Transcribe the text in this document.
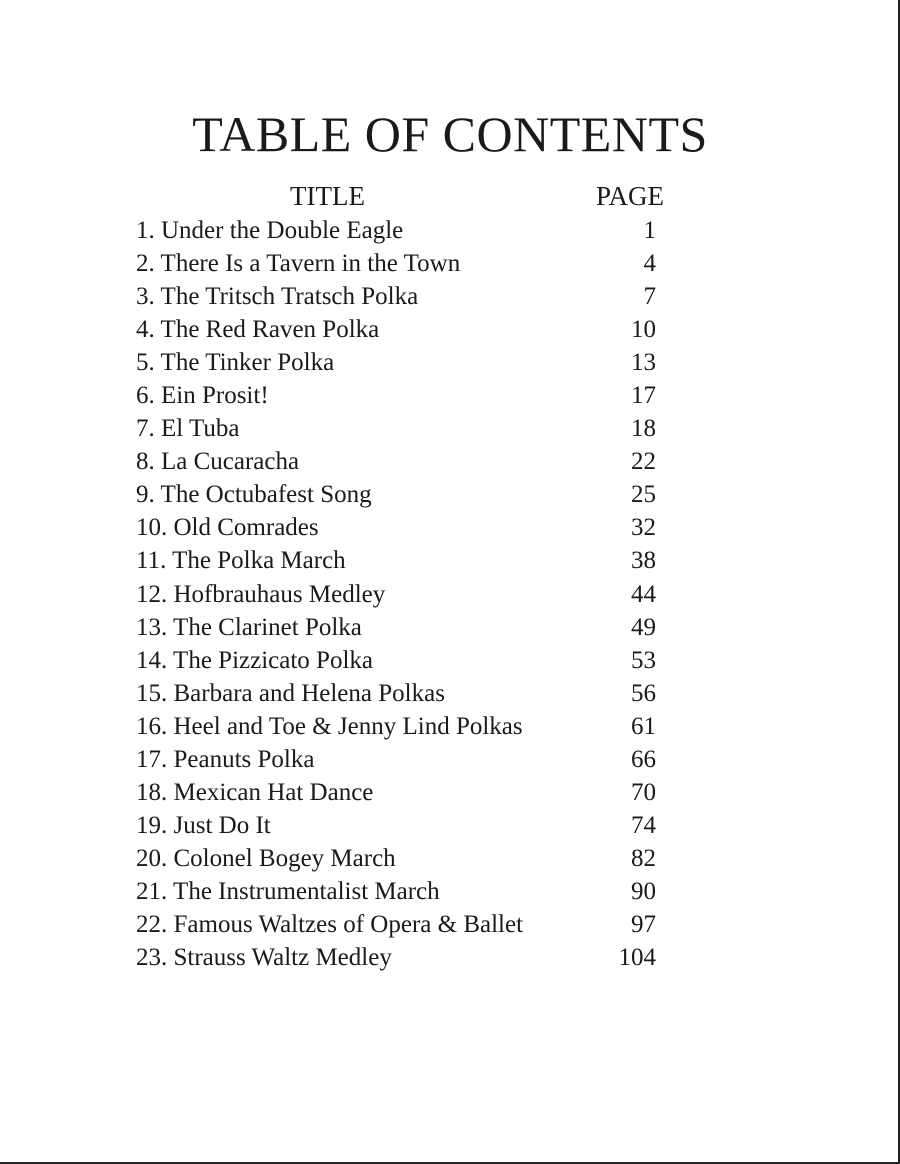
TABLE OF CONTENTS
TITLE	PAGE
1. Under the Double Eagle	1
2. There Is a Tavern in the Town	4
3. The Tritsch Tratsch Polka	7
4. The Red Raven Polka	10
5. The Tinker Polka	13
6. Ein Prosit!	17
7. El Tuba	18
8. La Cucaracha	22
9. The Octubafest Song	25
10. Old Comrades	32
11. The Polka March	38
12. Hofbrauhaus Medley	44
13. The Clarinet Polka	49
14. The Pizzicato Polka	53
15. Barbara and Helena Polkas	56
16. Heel and Toe & Jenny Lind Polkas	61
17. Peanuts Polka	66
18. Mexican Hat Dance	70
19. Just Do It	74
20. Colonel Bogey March	82
21. The Instrumentalist March	90
22. Famous Waltzes of Opera & Ballet	97
23. Strauss Waltz Medley	104
